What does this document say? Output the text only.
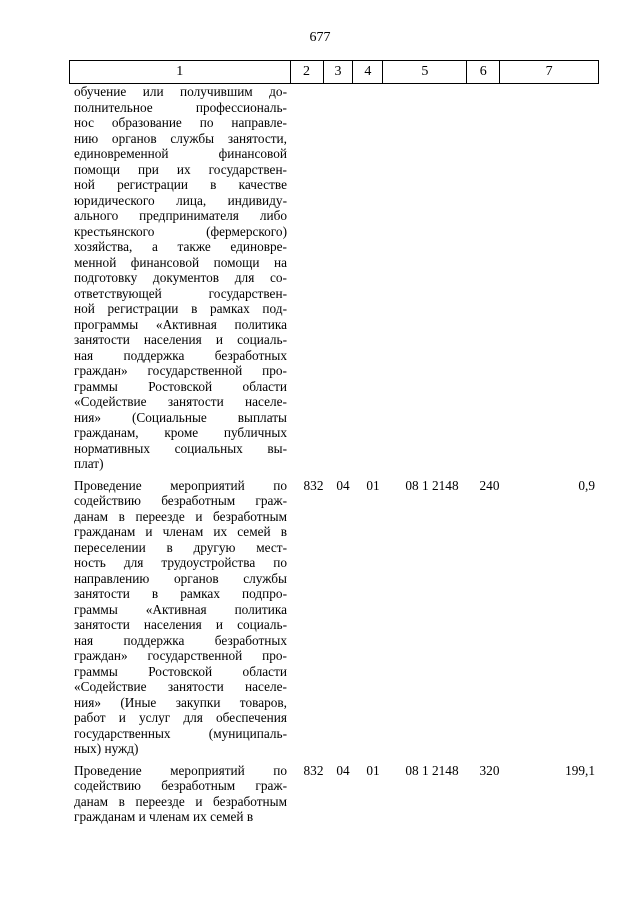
677
1	2	3	4	5	6	7
обучение или получившим до-
полнительное профессиональ-
нос образование по направле-
нию органов службы занятости,
единовременной финансовой
помощи при их государствен-
ной регистрации в качестве
юридического лица, индивиду-
ального предпринимателя либо
крестьянского (фермерского)
хозяйства, а также единовре-
менной финансовой помощи на
подготовку документов для со-
ответствующей государствен-
ной регистрации в рамках под-
программы «Активная политика
занятости населения и социаль-
ная поддержка безработных
граждан» государственной про-
граммы Ростовской области
«Содействие занятости населе-
ния» (Социальные выплаты
гражданам, кроме публичных
нормативных социальных вы-
плат)
Проведение мероприятий по
содействию безработным граж-
данам в переезде и безработным
гражданам и членам их семей в
переселении в другую мест-
ность для трудоустройства по
направлению органов службы
занятости в рамках подпро-
граммы «Активная политика
занятости населения и социаль-
ная поддержка безработных
граждан» государственной про-
граммы Ростовской области
«Содействие занятости населе-
ния» (Иные закупки товаров,
работ и услуг для обеспечения
государственных (муниципаль-
ных) нужд)
832 04	01	08 1 2148	240	0,9
Проведение мероприятий по
содействию безработным граж-
данам в переезде и безработным
гражданам и членам их семей в
832 04	01	08 1 2148	320	199,1
